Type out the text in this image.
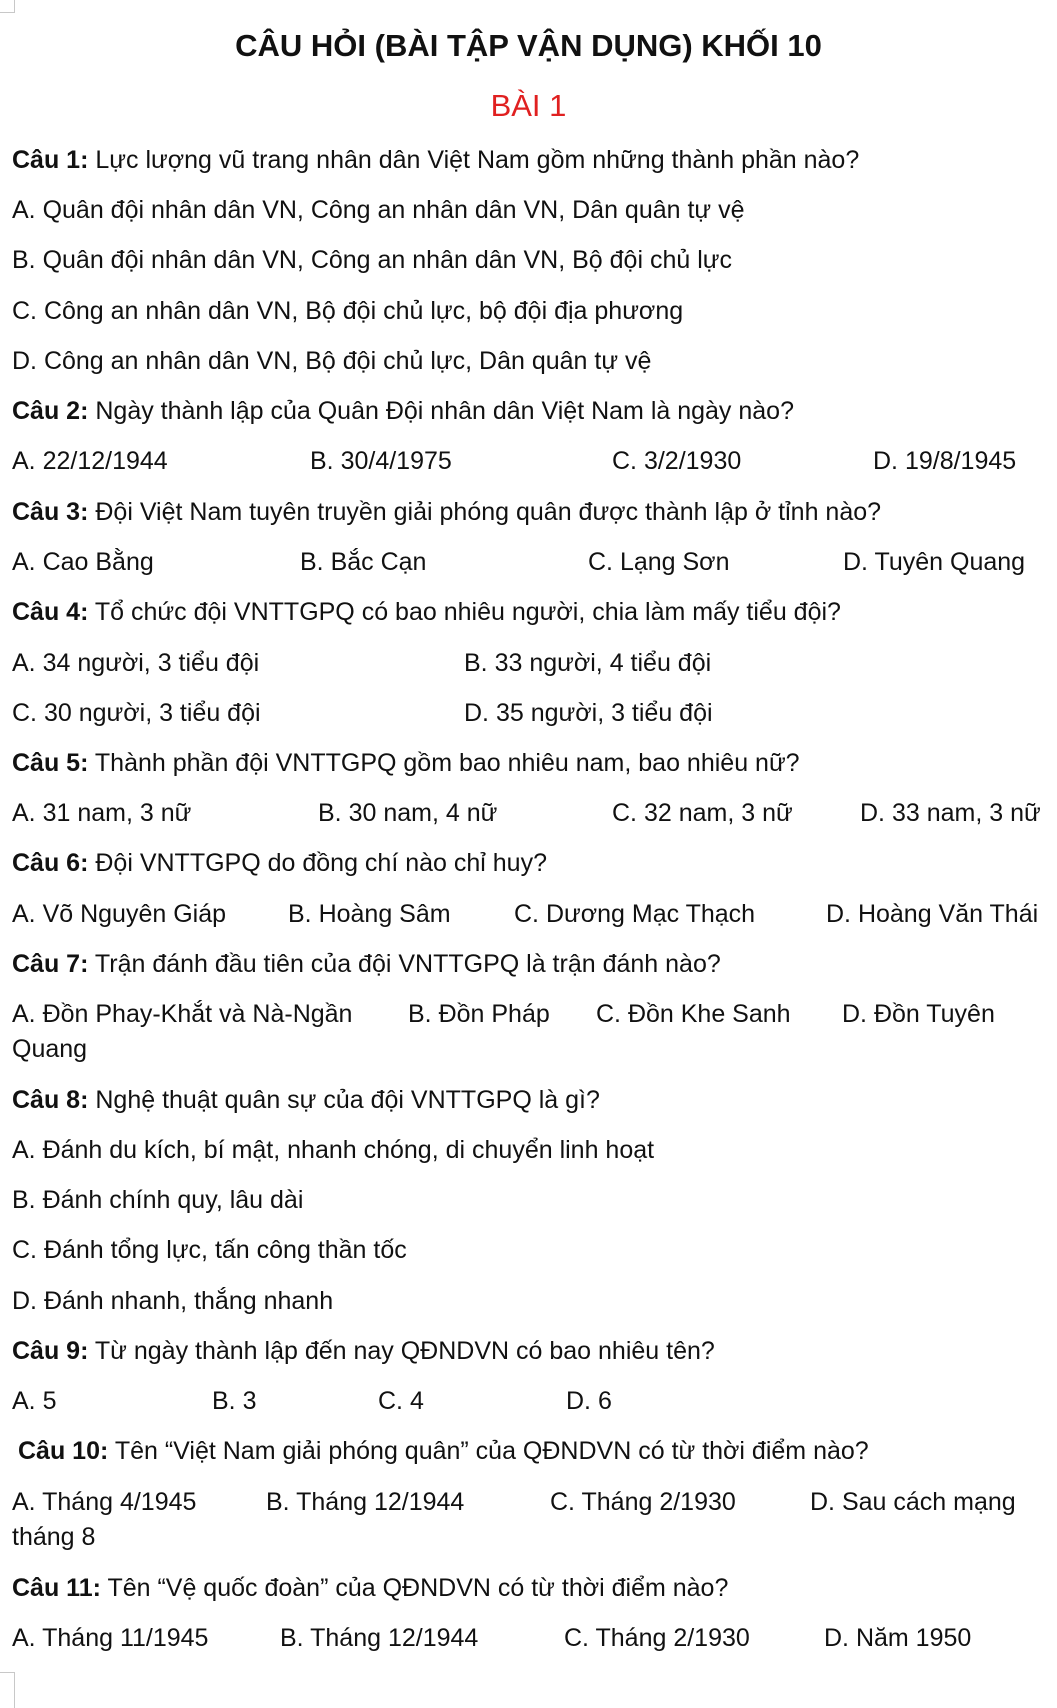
CÂU HỎI (BÀI TẬP VẬN DỤNG) KHỐI 10
BÀI 1
Câu 1: Lực lượng vũ trang nhân dân Việt Nam gồm những thành phần nào?
A. Quân đội nhân dân VN, Công an nhân dân VN, Dân quân tự vệ
B. Quân đội nhân dân VN, Công an nhân dân VN, Bộ đội chủ lực
C. Công an nhân dân VN, Bộ đội chủ lực, bộ đội địa phương
D. Công an nhân dân VN, Bộ đội chủ lực, Dân quân tự vệ
Câu 2: Ngày thành lập của Quân Đội nhân dân Việt Nam là ngày nào?
A. 22/12/1944	B. 30/4/1975	C. 3/2/1930	D. 19/8/1945
Câu 3: Đội Việt Nam tuyên truyền giải phóng quân được thành lập ở tỉnh nào?
A. Cao Bằng	B. Bắc Cạn	C. Lạng Sơn	D. Tuyên Quang
Câu 4: Tổ chức đội VNTTGPQ có bao nhiêu người, chia làm mấy tiểu đội?
A. 34 người, 3 tiểu đội	B. 33 người, 4 tiểu đội
C. 30 người, 3 tiểu đội	D. 35 người, 3 tiểu đội
Câu 5: Thành phần đội VNTTGPQ gồm bao nhiêu nam, bao nhiêu nữ?
A. 31 nam, 3 nữ	B. 30 nam, 4 nữ	C. 32 nam, 3 nữ	D. 33 nam, 3 nữ
Câu 6: Đội VNTTGPQ do đồng chí nào chỉ huy?
A. Võ Nguyên Giáp B. Hoàng Sâm	C. Dương Mạc Thạch	D. Hoàng Văn Thái
Câu 7: Trận đánh đầu tiên của đội VNTTGPQ là trận đánh nào?
A. Đồn Phay-Khắt và Nà-Ngần B. Đồn Pháp C. Đồn Khe Sanh D. Đồn Tuyên
Quang
Câu 8: Nghệ thuật quân sự của đội VNTTGPQ là gì?
A. Đánh du kích, bí mật, nhanh chóng, di chuyển linh hoạt
B. Đánh chính quy, lâu dài
C. Đánh tổng lực, tấn công thần tốc
D. Đánh nhanh, thắng nhanh
Câu 9: Từ ngày thành lập đến nay QĐNDVN có bao nhiêu tên?
A. 5	B. 3	C. 4	D. 6
Câu 10: Tên “Việt Nam giải phóng quân” của QĐNDVN có từ thời điểm nào?
A. Tháng 4/1945	B. Tháng 12/1944	C. Tháng 2/1930	D. Sau cách mạng
tháng 8
Câu 11: Tên “Vệ quốc đoàn” của QĐNDVN có từ thời điểm nào?
A. Tháng 11/1945	B. Tháng 12/1944	C. Tháng 2/1930	D. Năm 1950
